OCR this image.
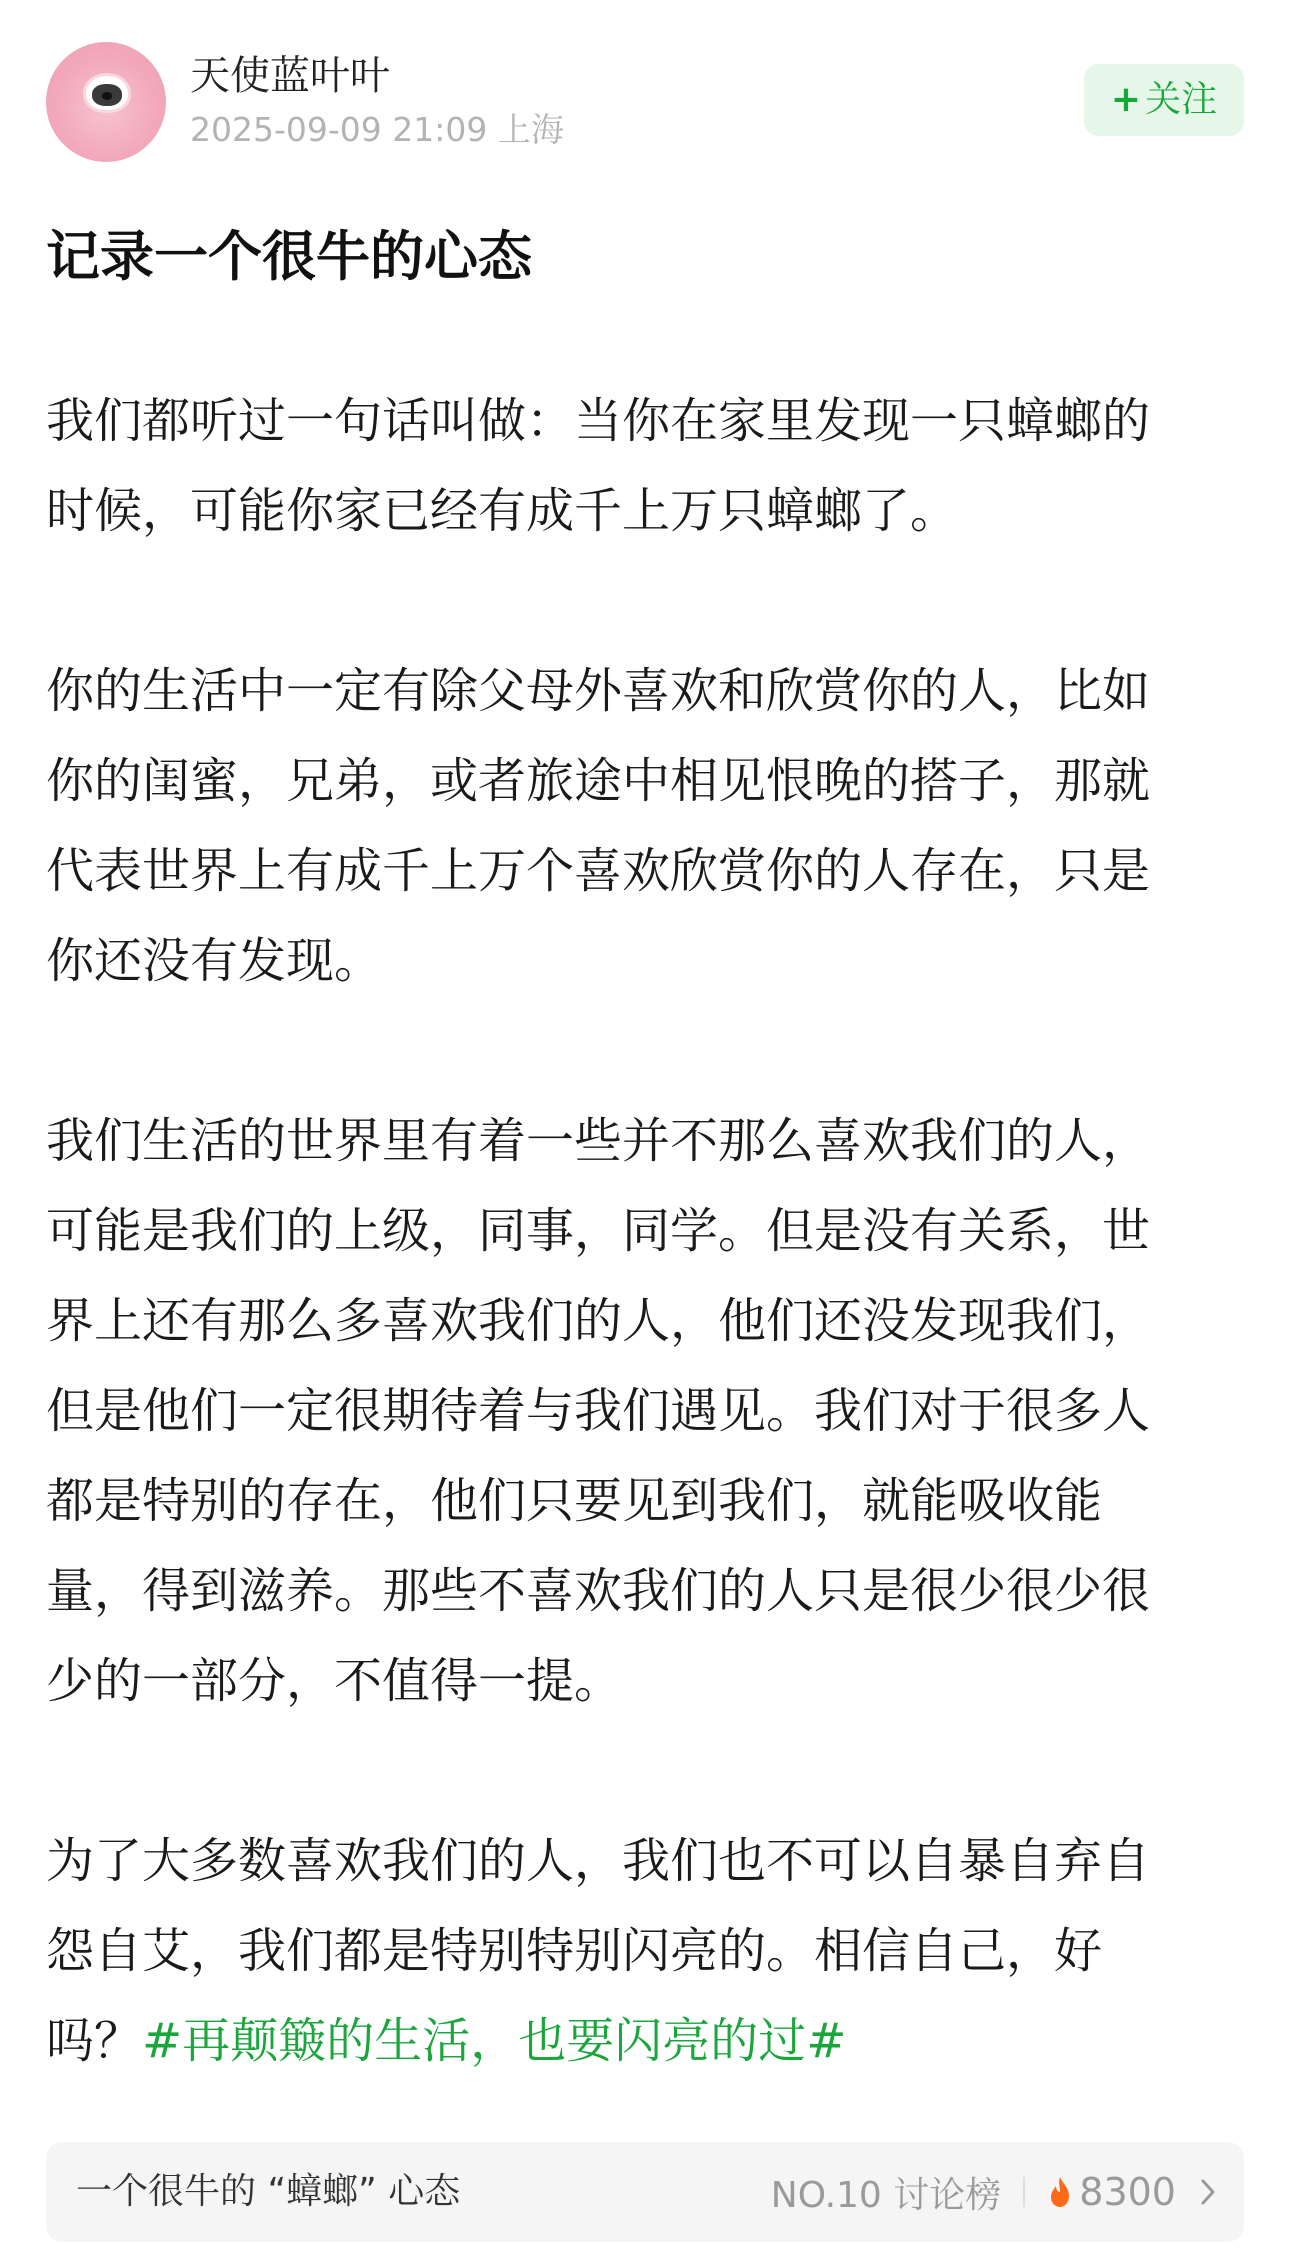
天使蓝叶叶
2025-09-09 21:09 上海
+ 关注
记录一个很牛的心态

我们都听过一句话叫做：当你在家里发现一只蟑螂的
时候，可能你家已经有成千上万只蟑螂了。

你的生活中一定有除父母外喜欢和欣赏你的人，比如
你的闺蜜，兄弟，或者旅途中相见恨晚的搭子，那就
代表世界上有成千上万个喜欢欣赏你的人存在，只是
你还没有发现。

我们生活的世界里有着一些并不那么喜欢我们的人，
可能是我们的上级，同事，同学。但是没有关系，世
界上还有那么多喜欢我们的人，他们还没发现我们，
但是他们一定很期待着与我们遇见。我们对于很多人
都是特别的存在，他们只要见到我们，就能吸收能
量，得到滋养。那些不喜欢我们的人只是很少很少很
少的一部分，不值得一提。

为了大多数喜欢我们的人，我们也不可以自暴自弃自
怨自艾，我们都是特别特别闪亮的。相信自己，好
吗？#再颠簸的生活，也要闪亮的过#

一个很牛的 “蟑螂” 心态	NO.10 讨论榜 8300
